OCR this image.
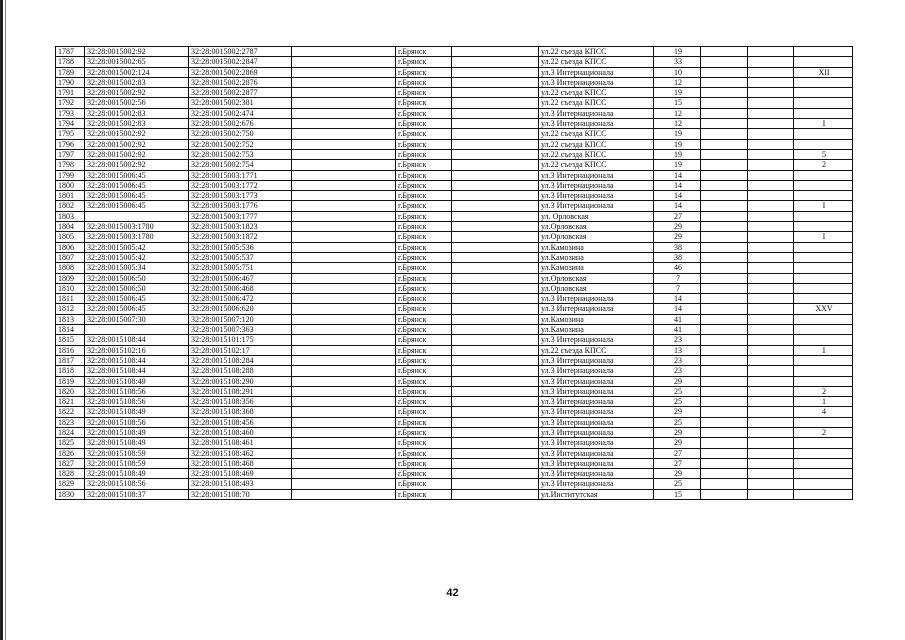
1787	32:28:0015002:92	32:28:0015002:2787		г.Брянск		ул.22 съезда КПСС	19			
1788	32:28:0015002:65	32:28:0015002:2847		г.Брянск		ул.22 съезда КПСС	33			
1789	32:28:0015002:124	32:28:0015002:2869		г.Брянск		ул.3 Интернационала	10			XII
1790	32:28:0015002:83	32:28:0015002:2876		г.Брянск		ул.3 Интернационала	12			
1791	32:28:0015002:92	32:28:0015002:2877		г.Брянск		ул.22 съезда КПСС	19			
1792	32:28:0015002:56	32:28:0015002:381		г.Брянск		ул.22 съезда КПСС	15			
1793	32:28:0015002:83	32:28:0015002:474		г.Брянск		ул.3 Интернационала	12			
1794	32:28:0015002:83	32:28:0015002:676		г.Брянск		ул.3 Интернационала	12			I
1795	32:28:0015002:92	32:28:0015002:750		г.Брянск		ул.22 съезда КПСС	19			
1796	32:28:0015002:92	32:28:0015002:752		г.Брянск		ул.22 съезда КПСС	19			
1797	32:28:0015002:92	32:28:0015002:753		г.Брянск		ул.22 съезда КПСС	19			5
1798	32:28:0015002:92	32:28:0015002:754		г.Брянск		ул.22 съезда КПСС	19			2
1799	32:28:0015006:45	32:28:0015003:1771		г.Брянск		ул.3 Интернационала	14			
1800	32:28:0015006:45	32:28:0015003:1772		г.Брянск		ул.3 Интернационала	14			
1801	32:28:0015006:45	32:28:0015003:1773		г.Брянск		ул.3 Интернационала	14			
1802	32:28:0015006:45	32:28:0015003:1776		г.Брянск		ул.3 Интернационала	14			I
1803		32:28:0015003:1777		г.Брянск		ул. Орловская	27			
1804	32:28:0015003:1780	32:28:0015003:1823		г.Брянск		ул.Орловская	29			
1805	32:28:0015003:1780	32:28:0015003:1872		г.Брянск		ул.Орловская	29			I
1806	32:28:0015005:42	32:28:0015005:536		г.Брянск		ул.Камозина	38			
1807	32:28:0015005:42	32:28:0015005:537		г.Брянск		ул.Камозина	38			
1808	32:28:0015005:34	32:28:0015005:751		г.Брянск		ул.Камозина	46			
1809	32:28:0015006:50	32:28:0015006:467		г.Брянск		ул.Орловская	7			
1810	32:28:0015006:50	32:28:0015006:468		г.Брянск		ул.Орловская	7			
1811	32:28:0015006:45	32:28:0015006:472		г.Брянск		ул.3 Интернационала	14			
1812	32:28:0015006:45	32:28:0015006:620		г.Брянск		ул.3 Интернационала	14			XXV
1813	32:28:0015007:30	32:28:0015007:120		г.Брянск		ул.Камозина	41			
1814		32:28:0015007:363		г.Брянск		ул.Камозина	41			
1815	32:28:0015108:44	32:28:0015101:175		г.Брянск		ул.3 Интернационала	23			
1816	32:28:0015102:16	32:28:0015102:17		г.Брянск		ул.22 съезда КПСС	13			I
1817	32:28:0015108:44	32:28:0015108:284		г.Брянск		ул.3 Интернационала	23			
1818	32:28:0015108:44	32:28:0015108:288		г.Брянск		ул.3 Интернационала	23			
1819	32:28:0015108:49	32:28:0015108:290		г.Брянск		ул.3 Интернационала	29			
1820	32:28:0015108:56	32:28:0015108:291		г.Брянск		ул.3 Интернационала	25			2
1821	32:28:0015108:56	32:28:0015108:356		г.Брянск		ул.3 Интернационала	25			1
1822	32:28:0015108:49	32:28:0015108:368		г.Брянск		ул.3 Интернационала	29			4
1823	32:28:0015108:56	32:28:0015108:456		г.Брянск		ул.3 Интернационала	25			
1824	32:28:0015108:49	32:28:0015108:460		г.Брянск		ул.3 Интернационала	29			2
1825	32:28:0015108:49	32:28:0015108:461		г.Брянск		ул.3 Интернационала	29			
1826	32:28:0015108:59	32:28:0015108:462		г.Брянск		ул.3 Интернационала	27			
1827	32:28:0015108:59	32:28:0015108:468		г.Брянск		ул.3 Интернационала	27			
1828	32:28:0015108:49	32:28:0015108:469		г.Брянск		ул.3 Интернационала	29			
1829	32:28:0015108:56	32:28:0015108:493		г.Брянск		ул.3 Интернационала	25			
1830	32:28:0015108:37	32:28:0015108:70		г.Брянск		ул.Институтская	15			
42
